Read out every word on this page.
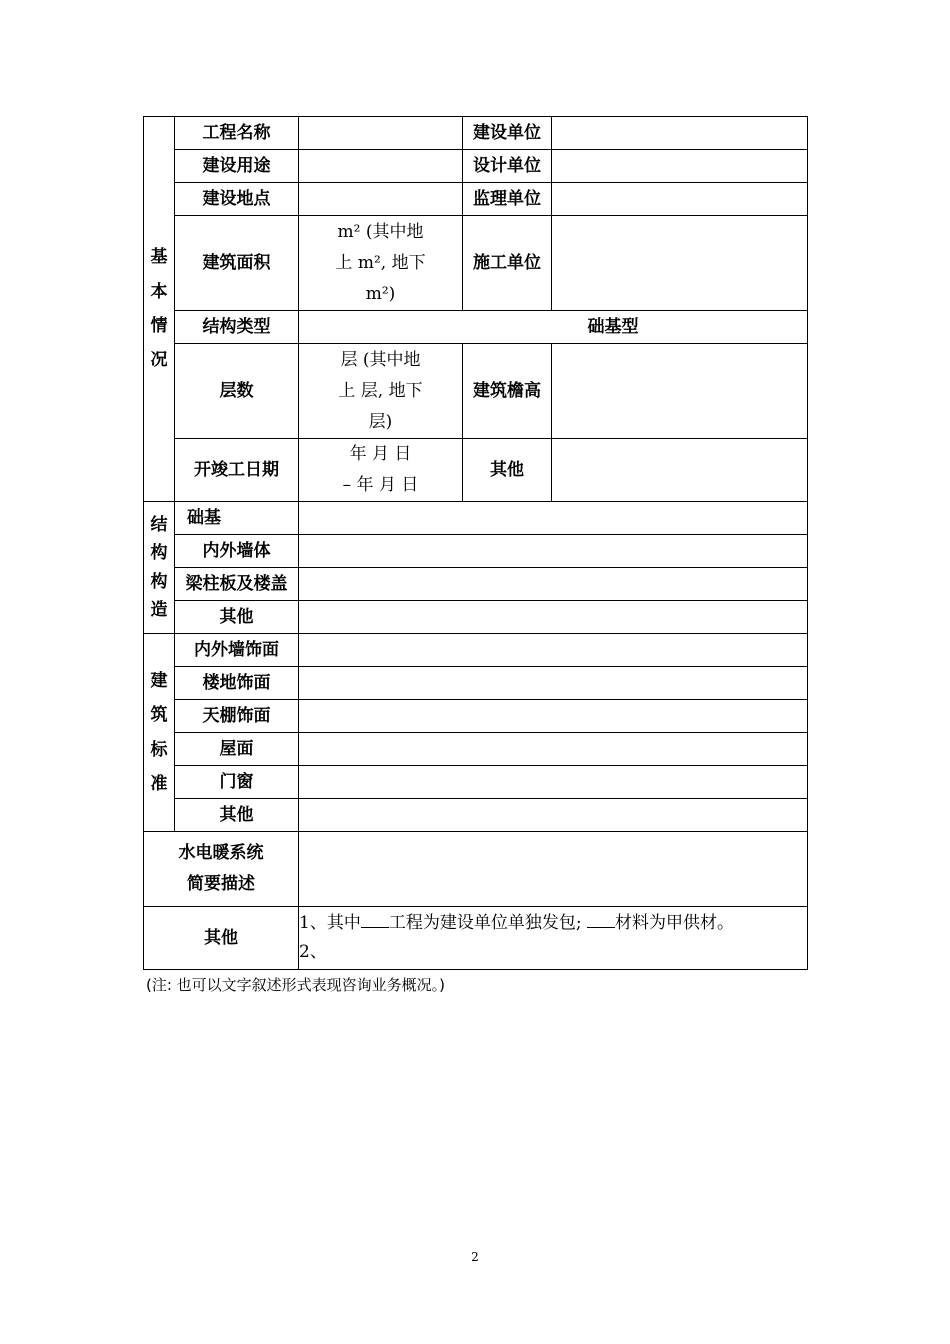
基
本
情
况	工程名称		建设单位	
	建设用途		设计单位	
	建设地点		监理单位	
	建筑面积	m² (其中地
上 m², 地下
m²)	施工单位	
	结构类型	础基型		
	层数	层 (其中地
上 层, 地下
层)	建筑檐高	
	开竣工日期	年 月 日
– 年 月 日	其他	

结
构
构
造	础基			
	内外墙体			
	梁柱板及楼盖			
	其他			

建
筑
标
准	内外墙饰面			
	楼地饰面			
	天棚饰面			
	屋面			
	门窗			
	其他			

水电暖系统
简要描述				

其他		1、其中 工程为建设单位单独发包; 材料为甲供材。
2、		
(注: 也可以文字叙述形式表现咨询业务概况。)
2
